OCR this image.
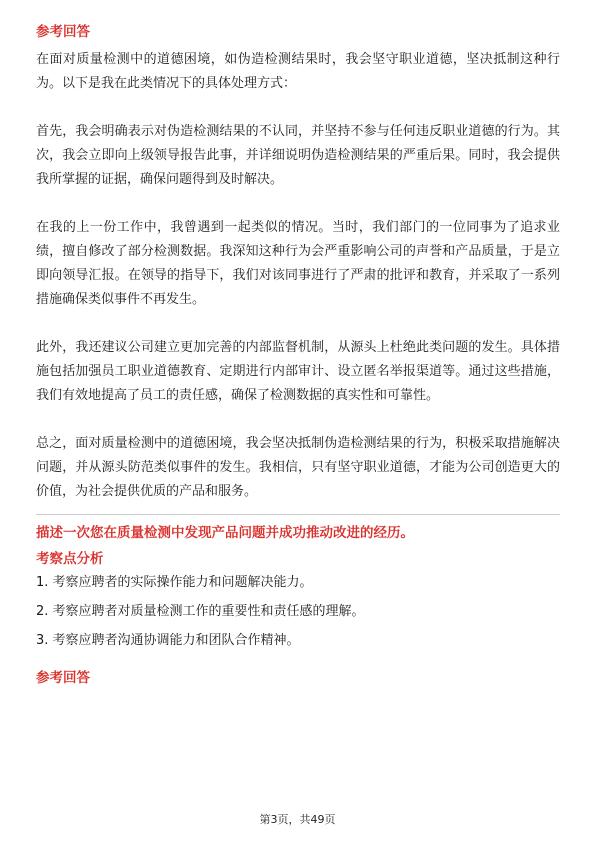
参考回答

在面对质量检测中的道德困境，如伪造检测结果时，我会坚守职业道德，坚决抵制这种行为。以下是我在此类情况下的具体处理方式：

首先，我会明确表示对伪造检测结果的不认同，并坚持不参与任何违反职业道德的行为。其次，我会立即向上级领导报告此事，并详细说明伪造检测结果的严重后果。同时，我会提供我所掌握的证据，确保问题得到及时解决。

在我的上一份工作中，我曾遇到一起类似的情况。当时，我们部门的一位同事为了追求业绩，擅自修改了部分检测数据。我深知这种行为会严重影响公司的声誉和产品质量，于是立即向领导汇报。在领导的指导下，我们对该同事进行了严肃的批评和教育，并采取了一系列措施确保类似事件不再发生。

此外，我还建议公司建立更加完善的内部监督机制，从源头上杜绝此类问题的发生。具体措施包括加强员工职业道德教育、定期进行内部审计、设立匿名举报渠道等。通过这些措施，我们有效地提高了员工的责任感，确保了检测数据的真实性和可靠性。

总之，面对质量检测中的道德困境，我会坚决抵制伪造检测结果的行为，积极采取措施解决问题，并从源头防范类似事件的发生。我相信，只有坚守职业道德，才能为公司创造更大的价值，为社会提供优质的产品和服务。

描述一次您在质量检测中发现产品问题并成功推动改进的经历。

考察点分析

1. 考察应聘者的实际操作能力和问题解决能力。

2. 考察应聘者对质量检测工作的重要性和责任感的理解。

3. 考察应聘者沟通协调能力和团队合作精神。

参考回答

第3页，共49页
